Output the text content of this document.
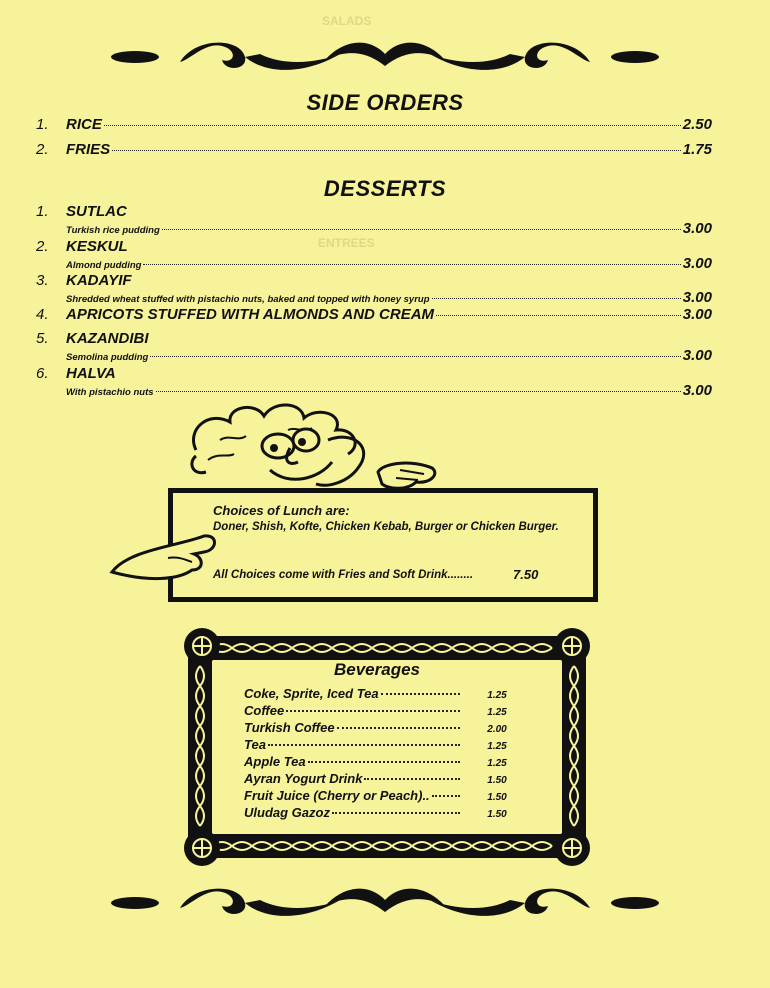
SALADS
ENTREES
SIDE ORDERS
1.	RICE	2.50
2.	FRIES	1.75
DESSERTS
1.	SUTLAC
Turkish rice pudding	3.00
2.	KESKUL
Almond pudding	3.00
3.	KADAYIF
Shredded wheat stuffed with pistachio nuts, baked and topped with honey syrup	3.00
4.	APRICOTS STUFFED WITH ALMONDS AND CREAM	3.00
5.	KAZANDIBI
Semolina pudding	3.00
6.	HALVA
With pistachio nuts	3.00
Choices of Lunch are:
Doner, Shish, Kofte, Chicken Kebab, Burger or Chicken Burger.
All Choices come with Fries and Soft Drink........	7.50
Beverages
Coke, Sprite, Iced Tea	1.25
Coffee	1.25
Turkish Coffee	2.00
Tea	1.25
Apple Tea	1.25
Ayran Yogurt Drink	1.50
Fruit Juice (Cherry or Peach)..	1.50
Uludag Gazoz	1.50
